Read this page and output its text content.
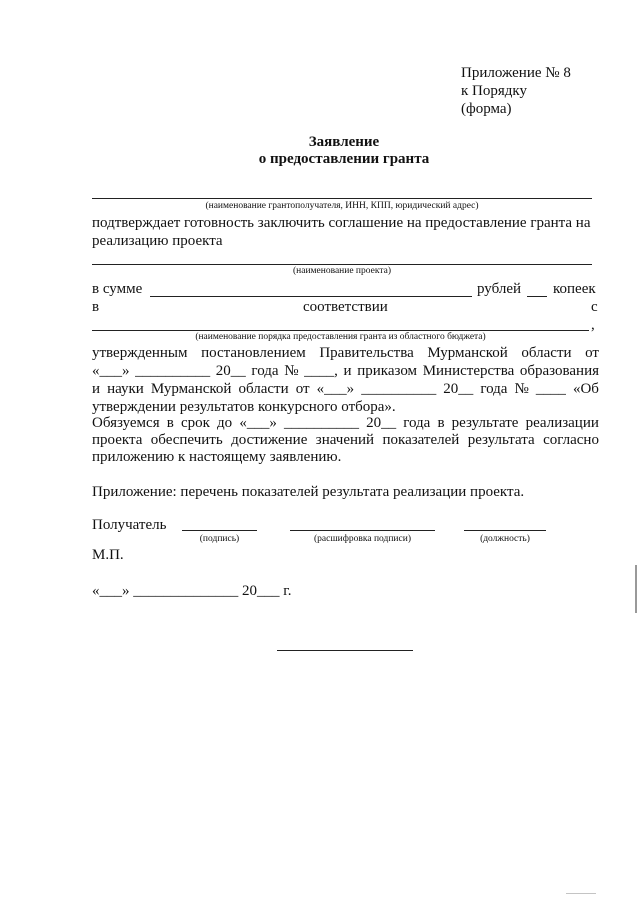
Приложение № 8
к Порядку
(форма)
Заявление
о предоставлении гранта
(наименование грантополучателя, ИНН, КПП, юридический адрес)
подтверждает готовность заключить соглашение на предоставление гранта на
реализацию проекта
(наименование проекта)
в сумме	рублей копеек
в	соответствии	с
,
(наименование порядка предоставления гранта из областного бюджета)
утвержденным постановлением Правительства Мурманской области от
«___» __________ 20__ года № ____, и приказом Министерства образования
и науки Мурманской области от «___» __________ 20__ года № ____ «Об
утверждении результатов конкурсного отбора».
Обязуемся в срок до «___» __________ 20__ года в результате реализации
проекта обеспечить достижение значений показателей результата согласно
приложению к настоящему заявлению.
Приложение: перечень показателей результата реализации проекта.
Получатель
(подпись)	(расшифровка подписи)	(должность)
М.П.
«___» ______________ 20___ г.
